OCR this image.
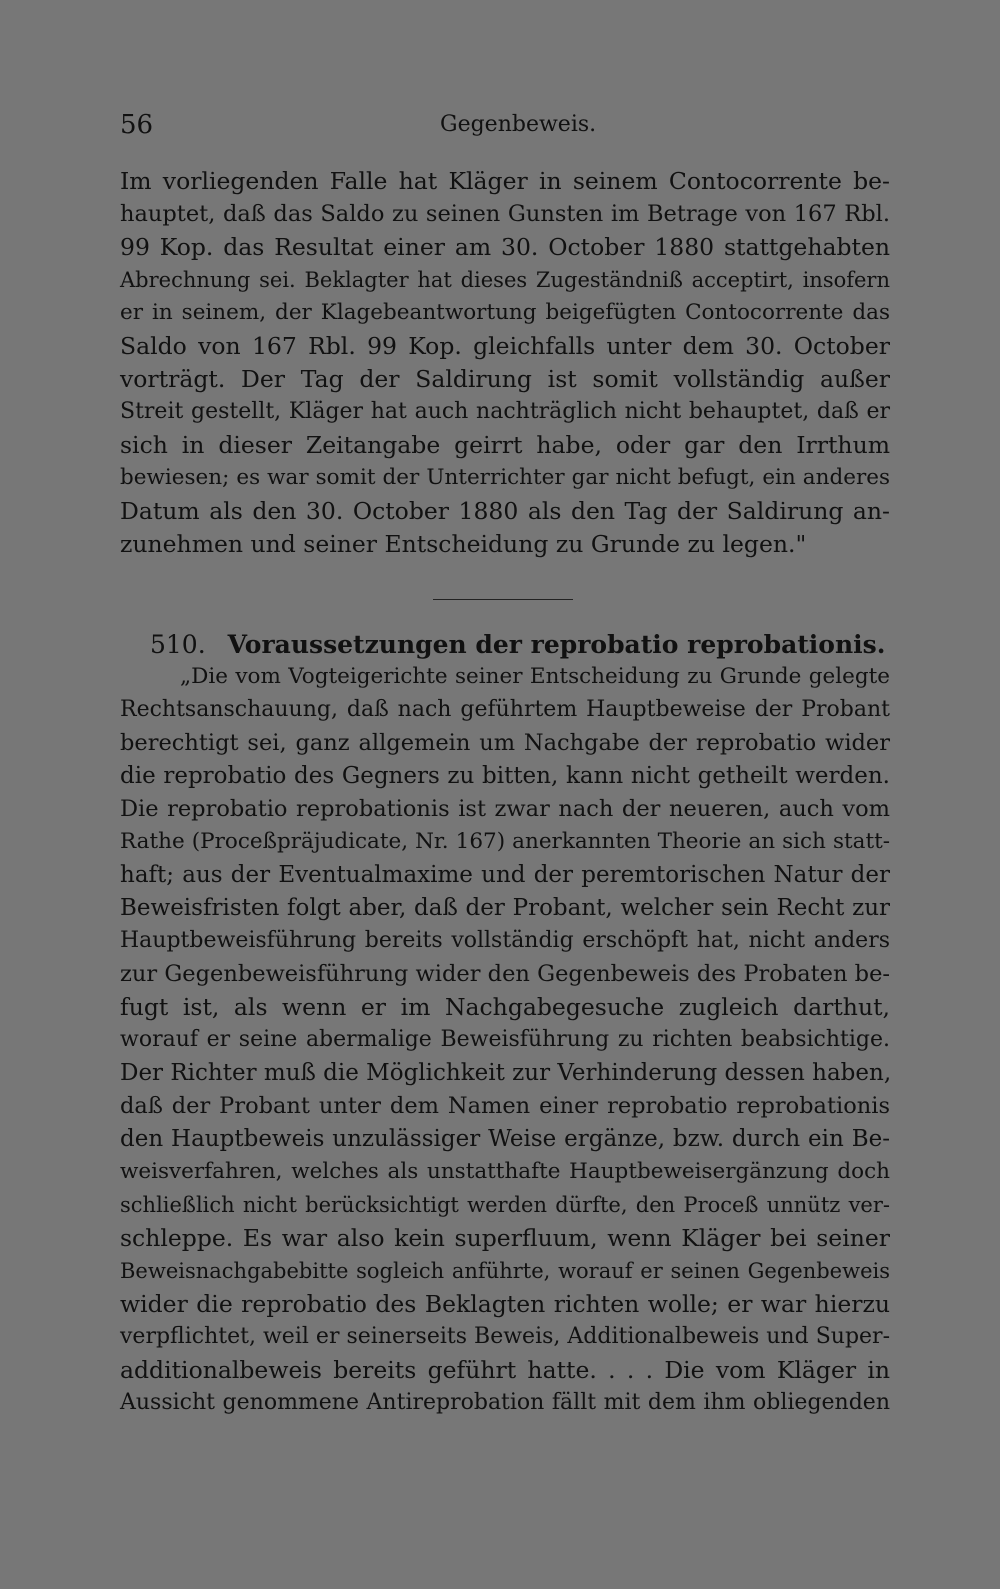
56	Gegenbeweis.
Im vorliegenden Falle hat Kläger in seinem Contocorrente be-
hauptet, daß das Saldo zu seinen Gunsten im Betrage von 167 Rbl.
99 Kop. das Resultat einer am 30. October 1880 stattgehabten
Abrechnung sei. Beklagter hat dieses Zugeständniß acceptirt, insofern
er in seinem, der Klagebeantwortung beigefügten Contocorrente das
Saldo von 167 Rbl. 99 Kop. gleichfalls unter dem 30. October
vorträgt. Der Tag der Saldirung ist somit vollständig außer
Streit gestellt, Kläger hat auch nachträglich nicht behauptet, daß er
sich in dieser Zeitangabe geirrt habe, oder gar den Irrthum
bewiesen; es war somit der Unterrichter gar nicht befugt, ein anderes
Datum als den 30. October 1880 als den Tag der Saldirung an-
zunehmen und seiner Entscheidung zu Grunde zu legen."
510. Voraussetzungen der reprobatio reprobationis.
„Die vom Vogteigerichte seiner Entscheidung zu Grunde gelegte
Rechtsanschauung, daß nach geführtem Hauptbeweise der Probant
berechtigt sei, ganz allgemein um Nachgabe der reprobatio wider
die reprobatio des Gegners zu bitten, kann nicht getheilt werden.
Die reprobatio reprobationis ist zwar nach der neueren, auch vom
Rathe (Proceßpräjudicate, Nr. 167) anerkannten Theorie an sich statt-
haft; aus der Eventualmaxime und der peremtorischen Natur der
Beweisfristen folgt aber, daß der Probant, welcher sein Recht zur
Hauptbeweisführung bereits vollständig erschöpft hat, nicht anders
zur Gegenbeweisführung wider den Gegenbeweis des Probaten be-
fugt ist, als wenn er im Nachgabegesuche zugleich darthut,
worauf er seine abermalige Beweisführung zu richten beabsichtige.
Der Richter muß die Möglichkeit zur Verhinderung dessen haben,
daß der Probant unter dem Namen einer reprobatio reprobationis
den Hauptbeweis unzulässiger Weise ergänze, bzw. durch ein Be-
weisverfahren, welches als unstatthafte Hauptbeweisergänzung doch
schließlich nicht berücksichtigt werden dürfte, den Proceß unnütz ver-
schleppe. Es war also kein superfluum, wenn Kläger bei seiner
Beweisnachgabebitte sogleich anführte, worauf er seinen Gegenbeweis
wider die reprobatio des Beklagten richten wolle; er war hierzu
verpflichtet, weil er seinerseits Beweis, Additionalbeweis und Super-
additionalbeweis bereits geführt hatte. . . . Die vom Kläger in
Aussicht genommene Antireprobation fällt mit dem ihm obliegenden
